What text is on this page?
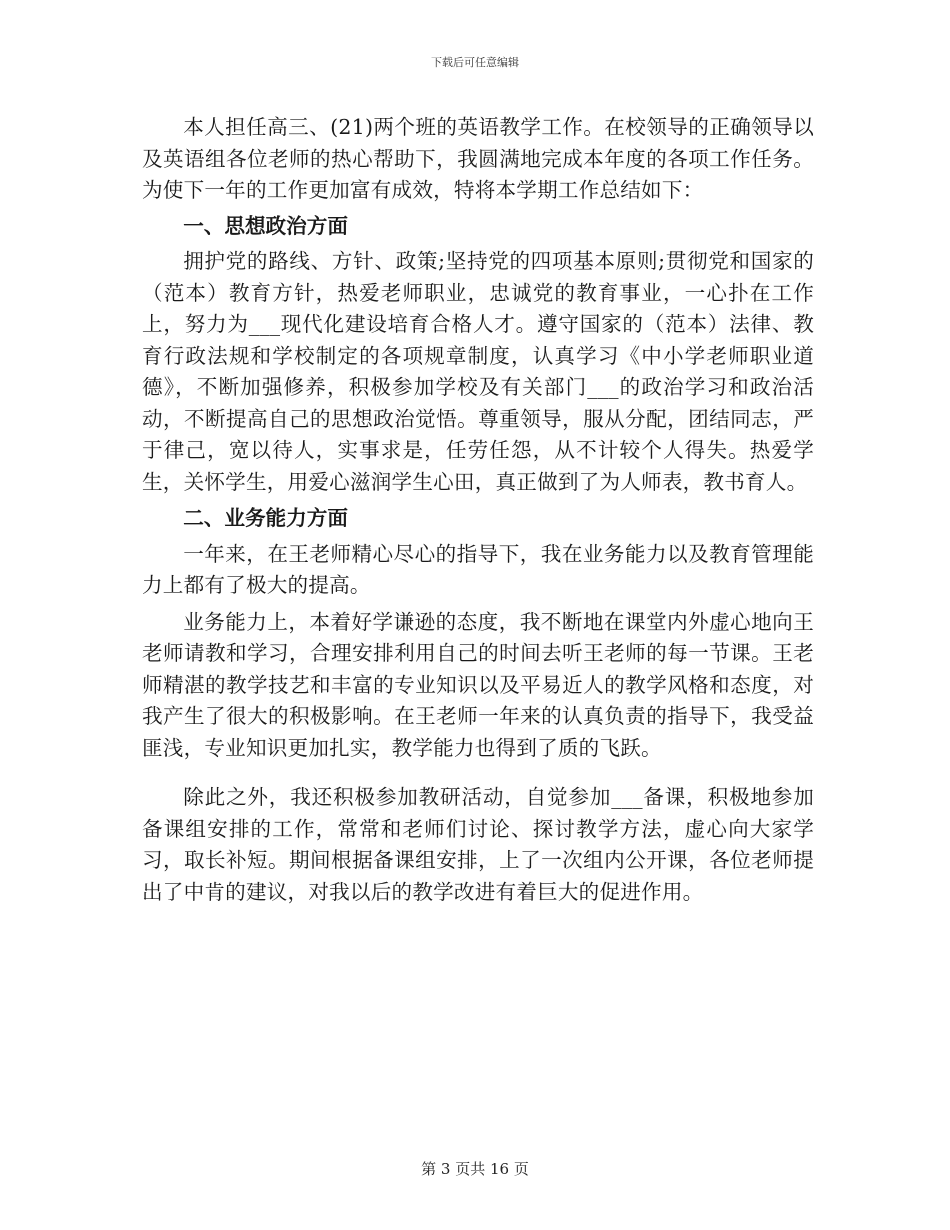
下载后可任意编辑

本人担任高三、(21)两个班的英语教学工作。在校领导的正确领导以及英语组各位老师的热心帮助下，我圆满地完成本年度的各项工作任务。为使下一年的工作更加富有成效，特将本学期工作总结如下：

一、思想政治方面

拥护党的路线、方针、政策;坚持党的四项基本原则;贯彻党和国家的（范本）教育方针，热爱老师职业，忠诚党的教育事业，一心扑在工作上，努力为___现代化建设培育合格人才。遵守国家的（范本）法律、教育行政法规和学校制定的各项规章制度，认真学习《中小学老师职业道德》，不断加强修养，积极参加学校及有关部门___的政治学习和政治活动，不断提高自己的思想政治觉悟。尊重领导，服从分配，团结同志，严于律己，宽以待人，实事求是，任劳任怨，从不计较个人得失。热爱学生，关怀学生，用爱心滋润学生心田，真正做到了为人师表，教书育人。

二、业务能力方面

一年来，在王老师精心尽心的指导下，我在业务能力以及教育管理能力上都有了极大的提高。

业务能力上，本着好学谦逊的态度，我不断地在课堂内外虚心地向王老师请教和学习，合理安排利用自己的时间去听王老师的每一节课。王老师精湛的教学技艺和丰富的专业知识以及平易近人的教学风格和态度，对我产生了很大的积极影响。在王老师一年来的认真负责的指导下，我受益匪浅，专业知识更加扎实，教学能力也得到了质的飞跃。

除此之外，我还积极参加教研活动，自觉参加___备课，积极地参加备课组安排的工作，常常和老师们讨论、探讨教学方法，虚心向大家学习，取长补短。期间根据备课组安排，上了一次组内公开课，各位老师提出了中肯的建议，对我以后的教学改进有着巨大的促进作用。

第 3 页共 16 页
